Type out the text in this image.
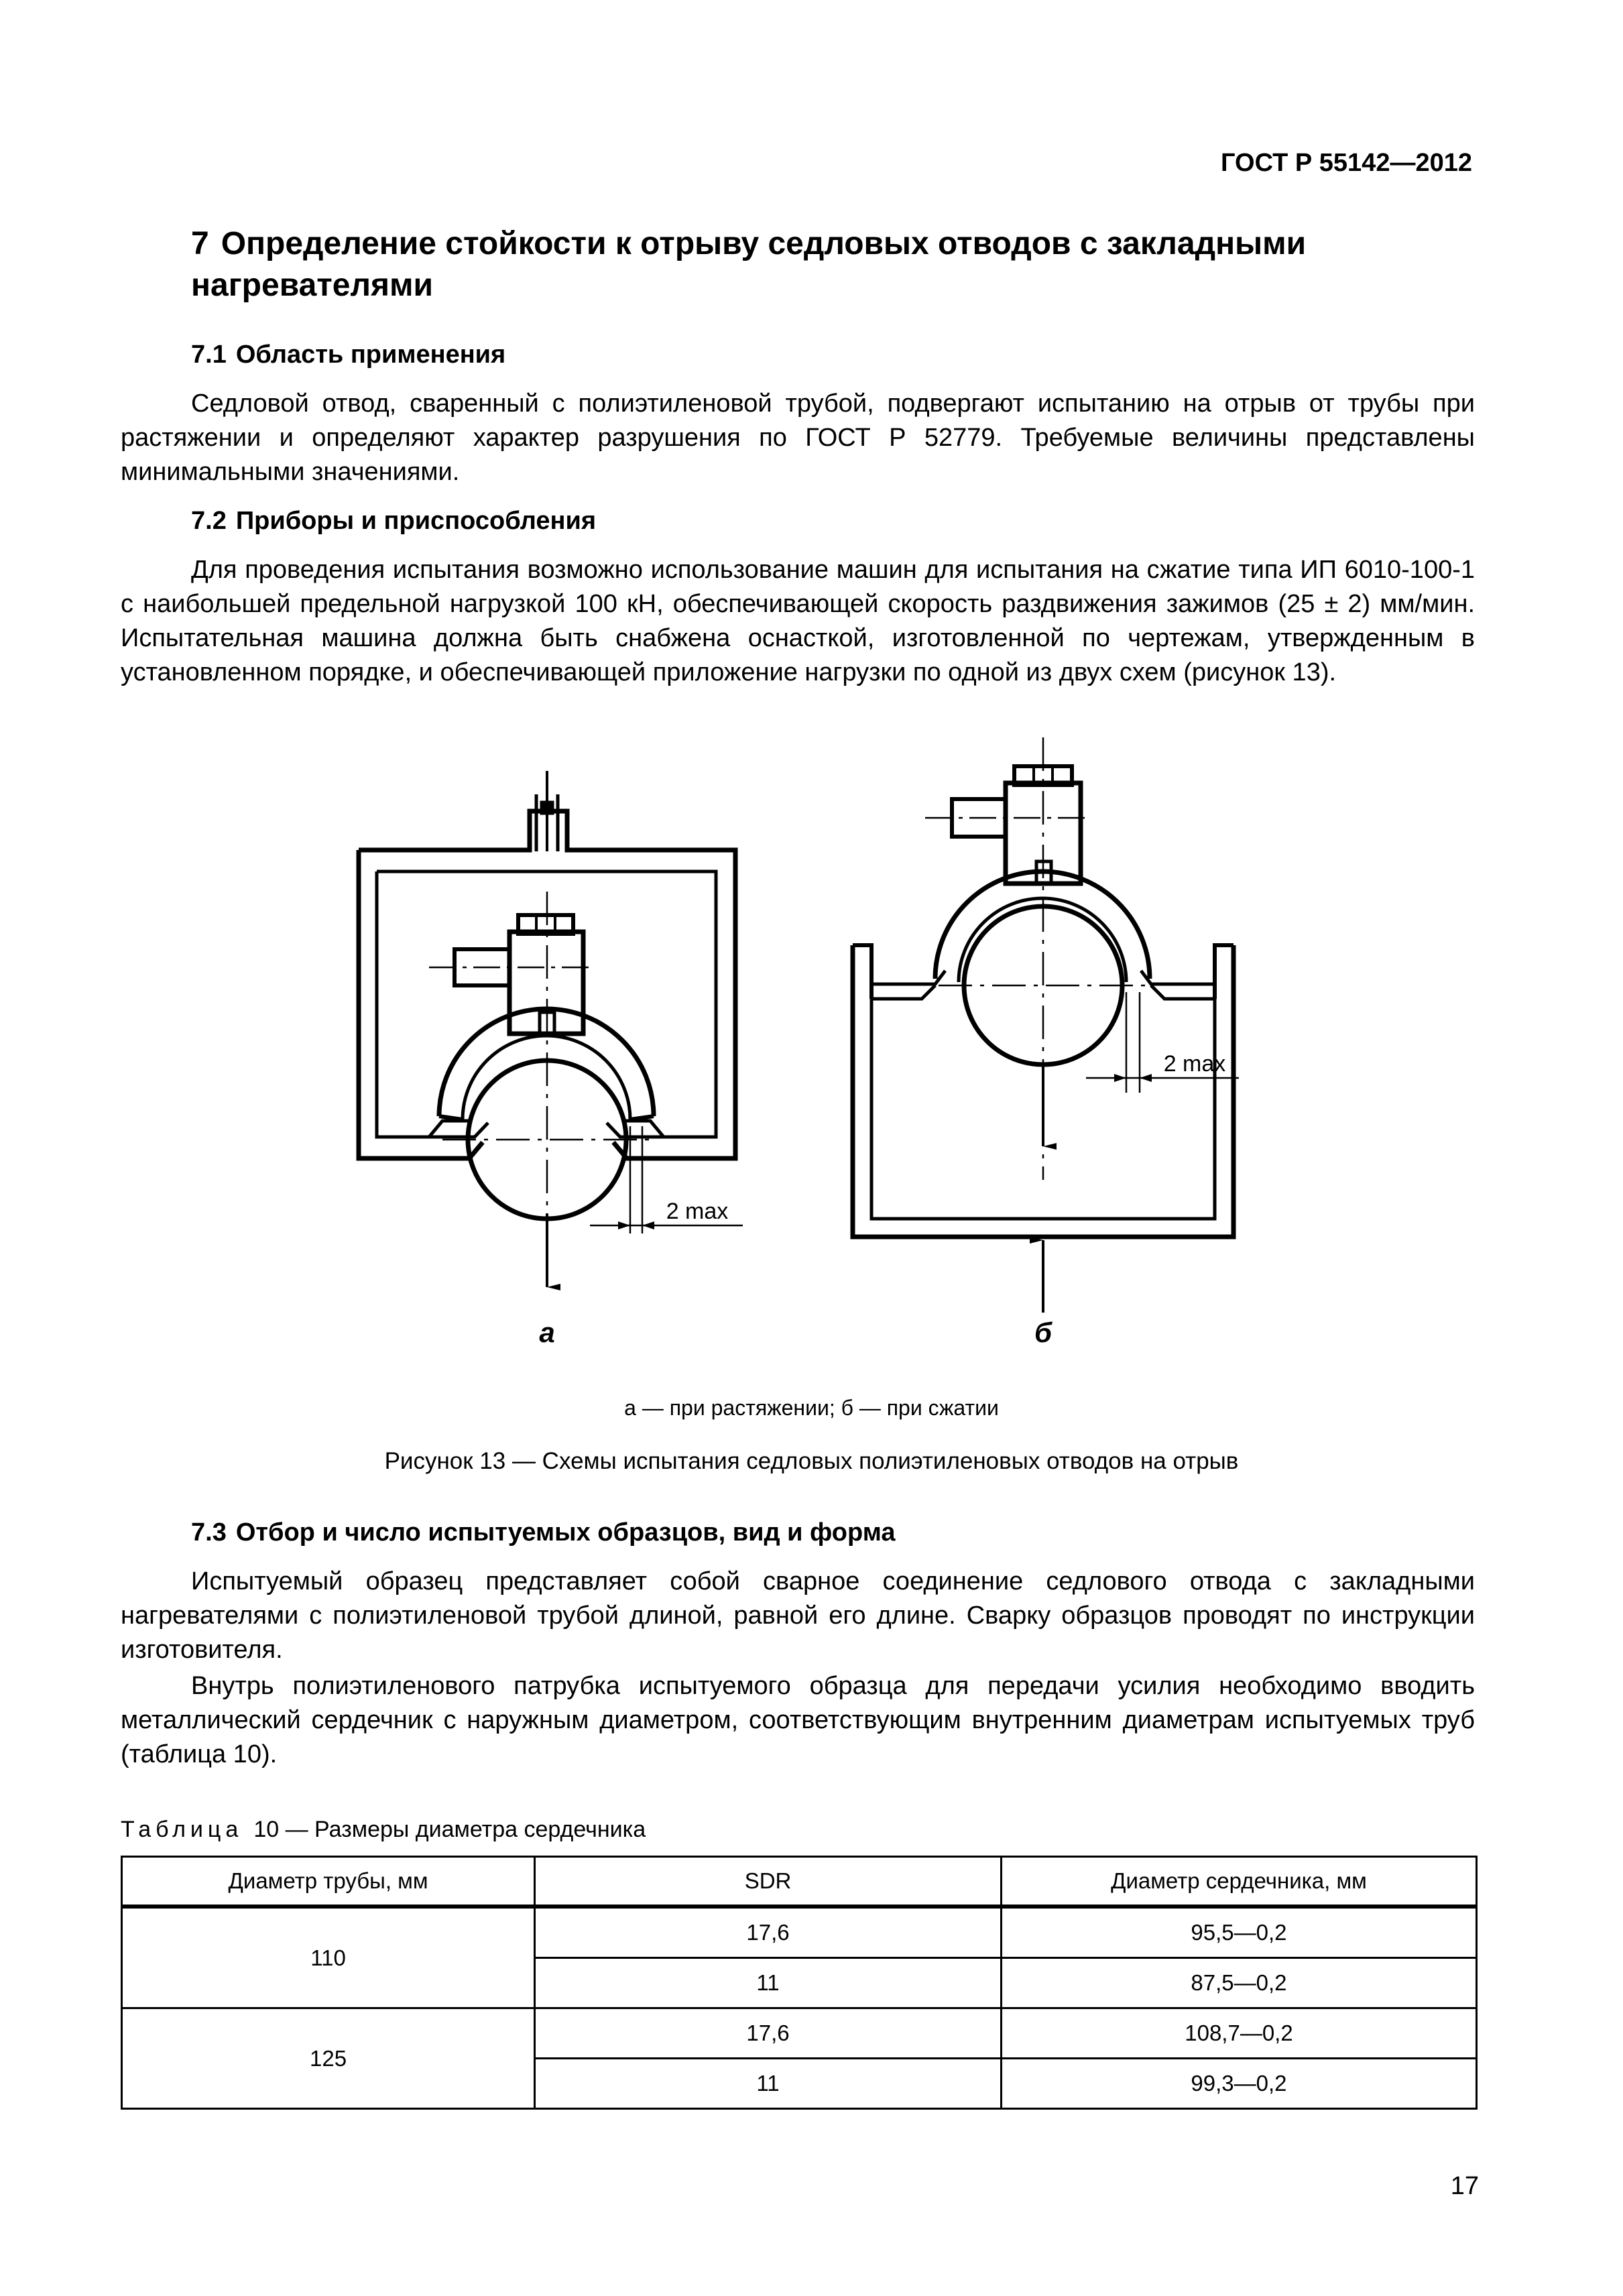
ГОСТ Р 55142—2012
7 Определение стойкости к отрыву седловых отводов с закладными нагревателями
7.1 Область применения

Седловой отвод, сваренный с полиэтиленовой трубой, подвергают испытанию на отрыв от трубы при растяжении и определяют характер разрушения по ГОСТ Р 52779. Требуемые величины представлены минимальными значениями.

7.2 Приборы и приспособления

Для проведения испытания возможно использование машин для испытания на сжатие типа ИП 6010-100-1 с наибольшей предельной нагрузкой 100 кН, обеспечивающей скорость раздвижения зажимов (25 ± 2) мм/мин. Испытательная машина должна быть снабжена оснасткой, изготовленной по чертежам, утвержденным в установленном порядке, и обеспечивающей приложение нагрузки по одной из двух схем (рисунок 13).

2 max
а
2 max
б
а — при растяжении; б — при сжатии
Рисунок 13 — Схемы испытания седловых полиэтиленовых отводов на отрыв
7.3 Отбор и число испытуемых образцов, вид и форма

Испытуемый образец представляет собой сварное соединение седлового отвода с закладными нагревателями с полиэтиленовой трубой длиной, равной его длине. Сварку образцов проводят по инструкции изготовителя.

Внутрь полиэтиленового патрубка испытуемого образца для передачи усилия необходимо вводить металлический сердечник с наружным диаметром, соответствующим внутренним диаметрам испытуемых труб (таблица 10).

Таблица 10 — Размеры диаметра сердечника
Диаметр трубы, мм	SDR	Диаметр сердечника, мм
110	17,6	95,5—0,2
	11	87,5—0,2
125	17,6	108,7—0,2
	11	99,3—0,2
17
